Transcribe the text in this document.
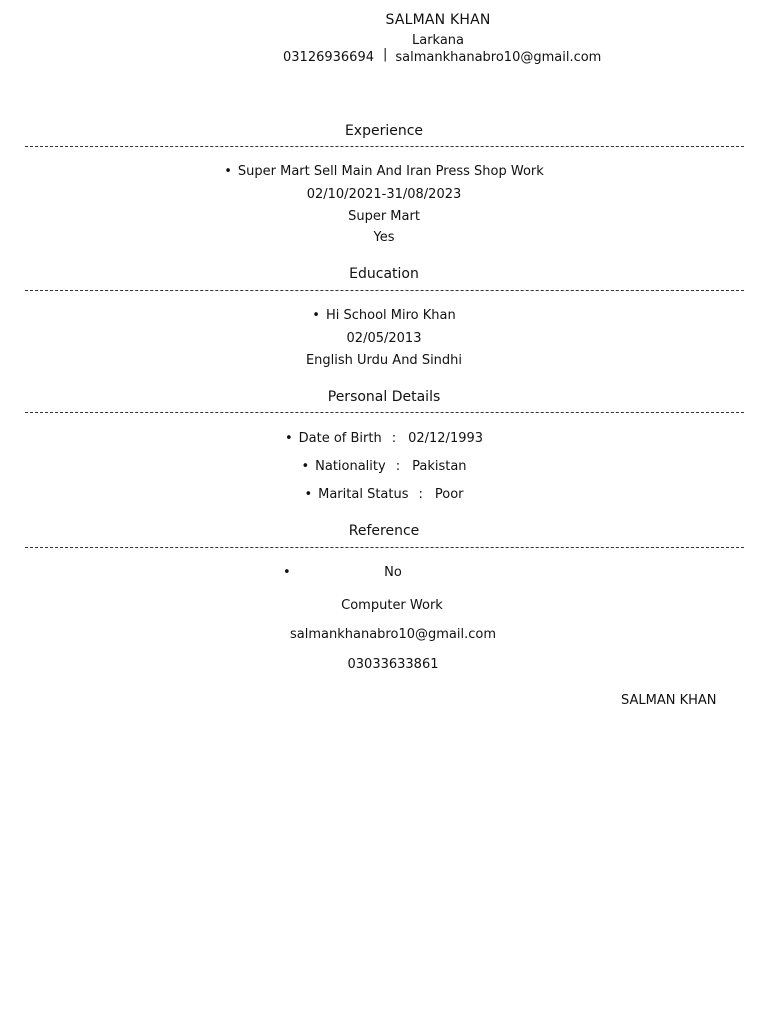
SALMAN KHAN
Larkana
03126936694 | salmankhanabro10@gmail.com
Experience
• Super Mart Sell Main And Iran Press Shop Work
02/10/2021-31/08/2023
Super Mart
Yes
Education
• Hi School Miro Khan
02/05/2013
English Urdu And Sindhi
Personal Details
• Date of Birth : 02/12/1993
• Nationality : Pakistan
• Marital Status : Poor
Reference
•	No
Computer Work
salmankhanabro10@gmail.com
03033633861
SALMAN KHAN
